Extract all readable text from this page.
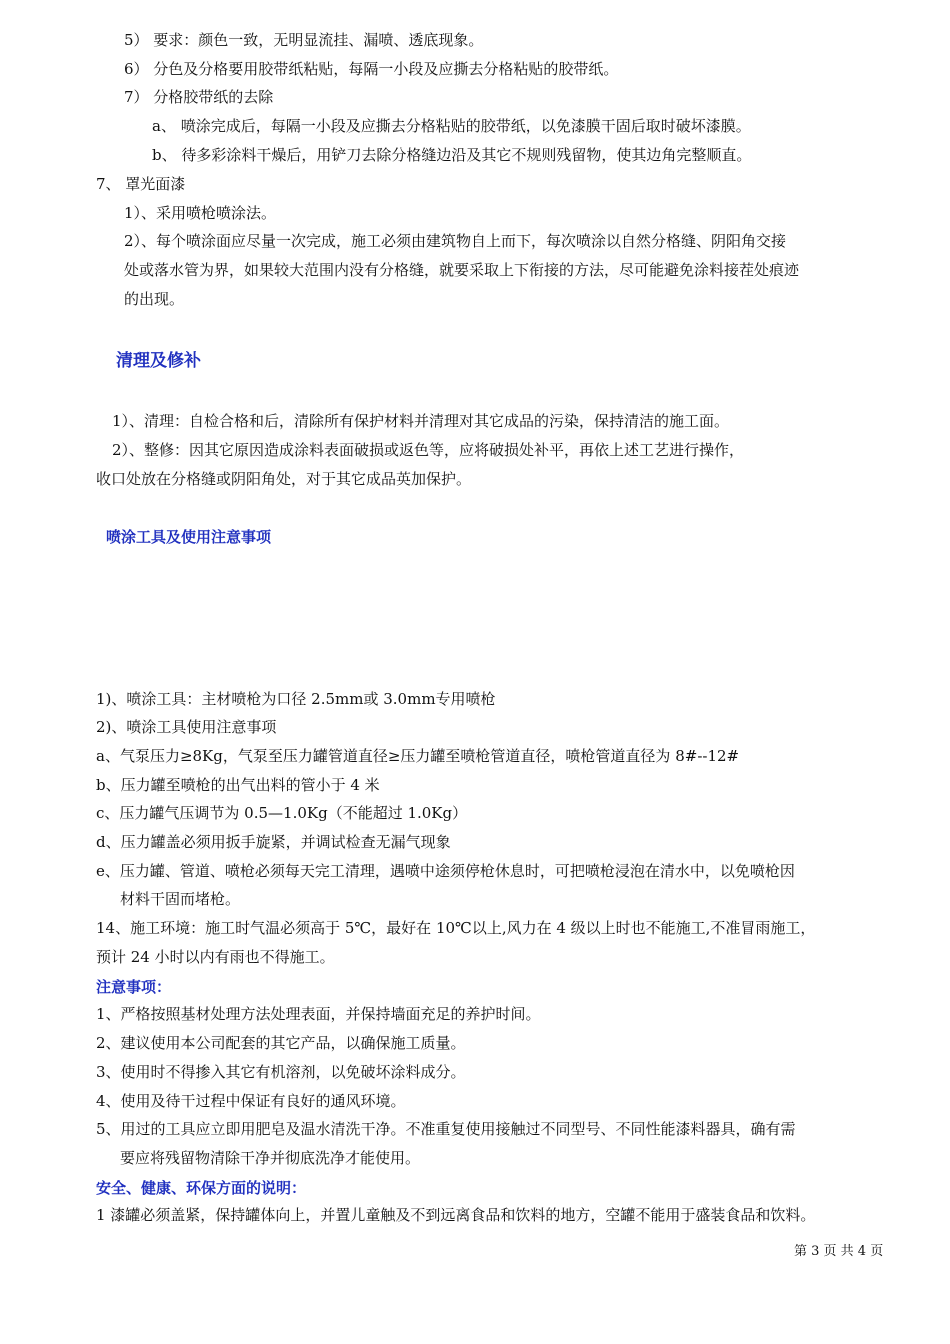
5） 要求：颜色一致，无明显流挂、漏喷、透底现象。
6） 分色及分格要用胶带纸粘贴，每隔一小段及应撕去分格粘贴的胶带纸。
7） 分格胶带纸的去除
a、 喷涂完成后，每隔一小段及应撕去分格粘贴的胶带纸，以免漆膜干固后取时破坏漆膜。
b、 待多彩涂料干燥后，用铲刀去除分格缝边沿及其它不规则残留物，使其边角完整顺直。
7、 罩光面漆
1）、采用喷枪喷涂法。
2）、每个喷涂面应尽量一次完成，施工必须由建筑物自上而下，每次喷涂以自然分格缝、阴阳角交接
处或落水管为界，如果较大范围内没有分格缝，就要采取上下衔接的方法，尽可能避免涂料接茬处痕迹
的出现。
清理及修补
1）、清理：自检合格和后，清除所有保护材料并清理对其它成品的污染，保持清洁的施工面。
2）、整修：因其它原因造成涂料表面破损或返色等，应将破损处补平，再依上述工艺进行操作，
收口处放在分格缝或阴阳角处，对于其它成品英加保护。
喷涂工具及使用注意事项
1)、喷涂工具：主材喷枪为口径 2.5mm或 3.0mm专用喷枪
2)、喷涂工具使用注意事项
a、气泵压力≥8Kg，气泵至压力罐管道直径≥压力罐至喷枪管道直径，喷枪管道直径为 8#--12#
b、压力罐至喷枪的出气出料的管小于 4 米
c、压力罐气压调节为 0.5—1.0Kg（不能超过 1.0Kg）
d、压力罐盖必须用扳手旋紧，并调试检查无漏气现象
e、压力罐、管道、喷枪必须每天完工清理，遇喷中途须停枪休息时，可把喷枪浸泡在清水中，以免喷枪因
材料干固而堵枪。
14、施工环境：施工时气温必须高于 5℃，最好在 10℃以上,风力在 4 级以上时也不能施工,不准冒雨施工，
预计 24 小时以内有雨也不得施工。
注意事项：
1、严格按照基材处理方法处理表面，并保持墙面充足的养护时间。
2、建议使用本公司配套的其它产品，以确保施工质量。
3、使用时不得掺入其它有机溶剂，以免破坏涂料成分。
4、使用及待干过程中保证有良好的通风环境。
5、用过的工具应立即用肥皂及温水清洗干净。不准重复使用接触过不同型号、不同性能漆料器具，确有需
要应将残留物清除干净并彻底洗净才能使用。
安全、健康、环保方面的说明：
1 漆罐必须盖紧，保持罐体向上，并置儿童触及不到远离食品和饮料的地方，空罐不能用于盛装食品和饮料。
第 3 页 共 4 页
